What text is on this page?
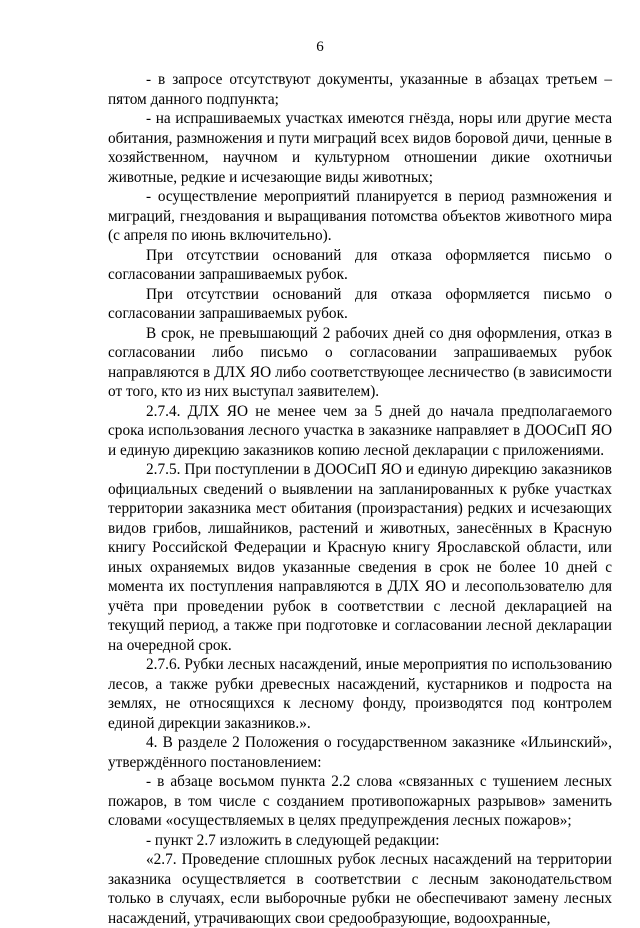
6

- в запросе отсутствуют документы, указанные в абзацах третьем – пятом данного подпункта;

- на испрашиваемых участках имеются гнёзда, норы или другие места обитания, размножения и пути миграций всех видов боровой дичи, ценные в хозяйственном, научном и культурном отношении дикие охотничьи животные, редкие и исчезающие виды животных;

- осуществление мероприятий планируется в период размножения и миграций, гнездования и выращивания потомства объектов животного мира (с апреля по июнь включительно).

При отсутствии оснований для отказа оформляется письмо о согласовании запрашиваемых рубок.

При отсутствии оснований для отказа оформляется письмо о согласовании запрашиваемых рубок.

В срок, не превышающий 2 рабочих дней со дня оформления, отказ в согласовании либо письмо о согласовании запрашиваемых рубок направляются в ДЛХ ЯО либо соответствующее лесничество (в зависимости от того, кто из них выступал заявителем).

2.7.4. ДЛХ ЯО не менее чем за 5 дней до начала предполагаемого срока использования лесного участка в заказнике направляет в ДООСиП ЯО и единую дирекцию заказников копию лесной декларации с приложениями.

2.7.5. При поступлении в ДООСиП ЯО и единую дирекцию заказников официальных сведений о выявлении на запланированных к рубке участках территории заказника мест обитания (произрастания) редких и исчезающих видов грибов, лишайников, растений и животных, занесённых в Красную книгу Российской Федерации и Красную книгу Ярославской области, или иных охраняемых видов указанные сведения в срок не более 10 дней с момента их поступления направляются в ДЛХ ЯО и лесопользователю для учёта при проведении рубок в соответствии с лесной декларацией на текущий период, а также при подготовке и согласовании лесной декларации на очередной срок.

2.7.6. Рубки лесных насаждений, иные мероприятия по использованию лесов, а также рубки древесных насаждений, кустарников и подроста на землях, не относящихся к лесному фонду, производятся под контролем единой дирекции заказников.».

4. В разделе 2 Положения о государственном заказнике «Ильинский», утверждённого постановлением:

- в абзаце восьмом пункта 2.2 слова «связанных с тушением лесных пожаров, в том числе с созданием противопожарных разрывов» заменить словами «осуществляемых в целях предупреждения лесных пожаров»;

- пункт 2.7 изложить в следующей редакции:

«2.7. Проведение сплошных рубок лесных насаждений на территории заказника осуществляется в соответствии с лесным законодательством только в случаях, если выборочные рубки не обеспечивают замену лесных насаждений, утрачивающих свои средообразующие, водоохранные,
